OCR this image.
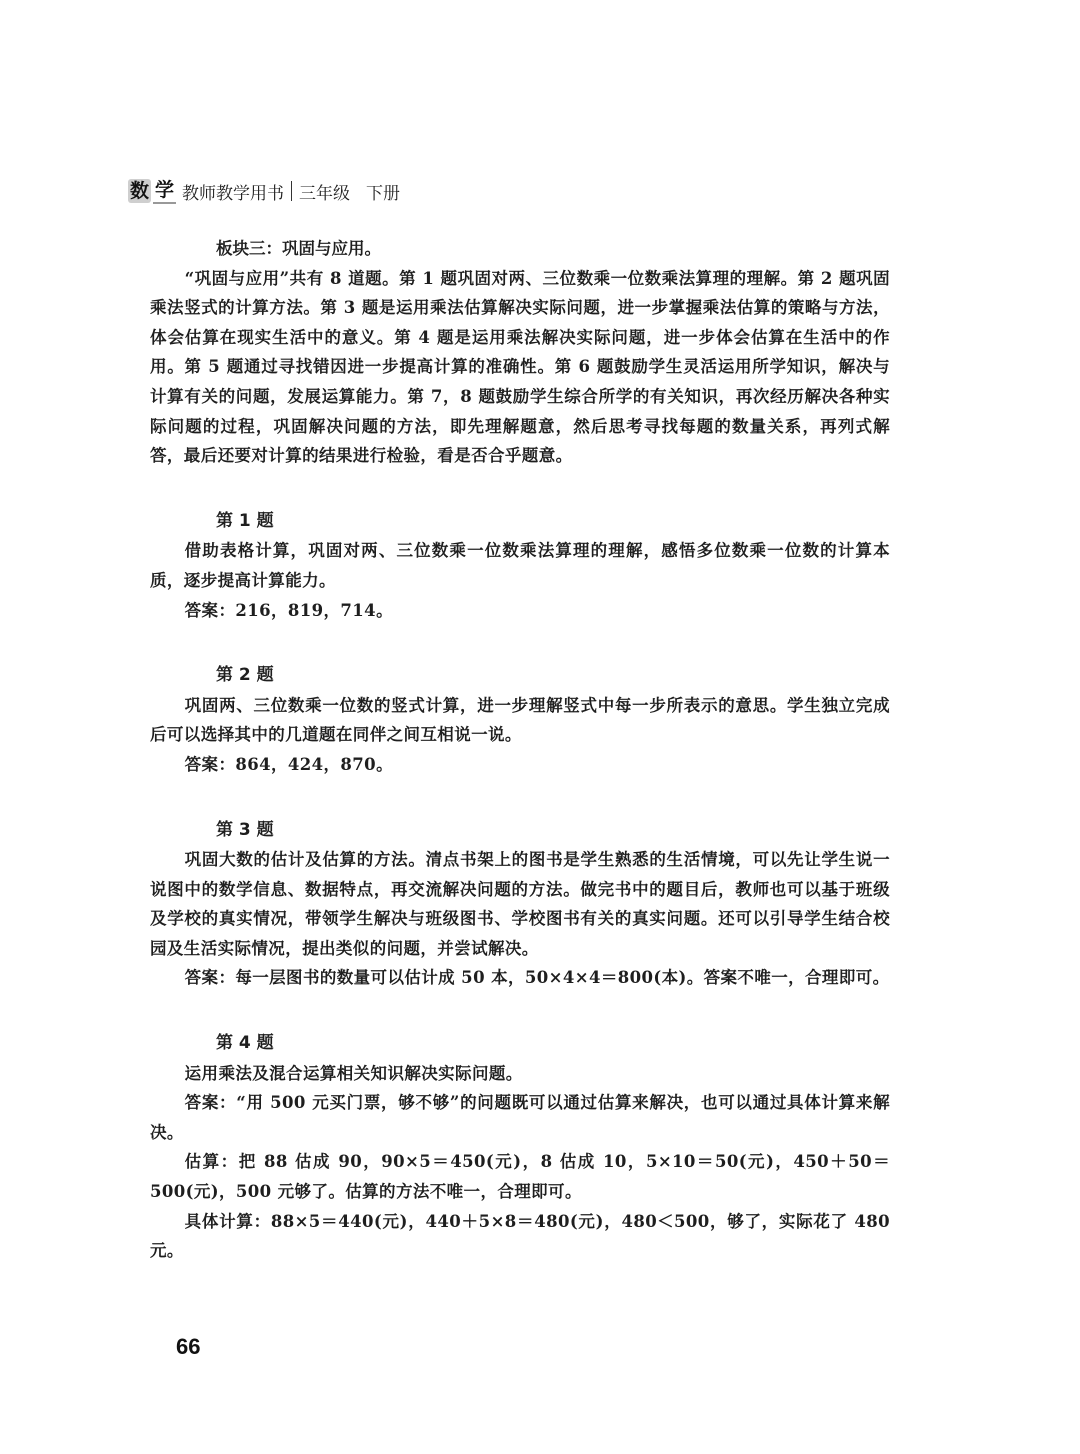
数 学 教师教学用书 三年级 下册
板块三：巩固与应用。

“巩固与应用”共有 8 道题。第 1 题巩固对两、三位数乘一位数乘法算理的理解。第 2 题巩固乘法竖式的计算方法。第 3 题是运用乘法估算解决实际问题，进一步掌握乘法估算的策略与方法，体会估算在现实生活中的意义。第 4 题是运用乘法解决实际问题，进一步体会估算在生活中的作用。第 5 题通过寻找错因进一步提高计算的准确性。第 6 题鼓励学生灵活运用所学知识，解决与计算有关的问题，发展运算能力。第 7，8 题鼓励学生综合所学的有关知识，再次经历解决各种实际问题的过程，巩固解决问题的方法，即先理解题意，然后思考寻找每题的数量关系，再列式解答，最后还要对计算的结果进行检验，看是否合乎题意。

第 1 题

借助表格计算，巩固对两、三位数乘一位数乘法算理的理解，感悟多位数乘一位数的计算本质，逐步提高计算能力。

答案：216，819，714。

第 2 题

巩固两、三位数乘一位数的竖式计算，进一步理解竖式中每一步所表示的意思。学生独立完成后可以选择其中的几道题在同伴之间互相说一说。

答案：864，424，870。

第 3 题

巩固大数的估计及估算的方法。清点书架上的图书是学生熟悉的生活情境，可以先让学生说一说图中的数学信息、数据特点，再交流解决问题的方法。做完书中的题目后，教师也可以基于班级及学校的真实情况，带领学生解决与班级图书、学校图书有关的真实问题。还可以引导学生结合校园及生活实际情况，提出类似的问题，并尝试解决。

答案：每一层图书的数量可以估计成 50 本，50×4×4＝800(本)。答案不唯一，合理即可。

第 4 题

运用乘法及混合运算相关知识解决实际问题。

答案：“用 500 元买门票，够不够”的问题既可以通过估算来解决，也可以通过具体计算来解决。

估算：把 88 估成 90，90×5＝450(元)，8 估成 10，5×10＝50(元)，450＋50＝500(元)，500 元够了。估算的方法不唯一，合理即可。

具体计算：88×5＝440(元)，440＋5×8＝480(元)，480＜500，够了，实际花了 480 元。

66
